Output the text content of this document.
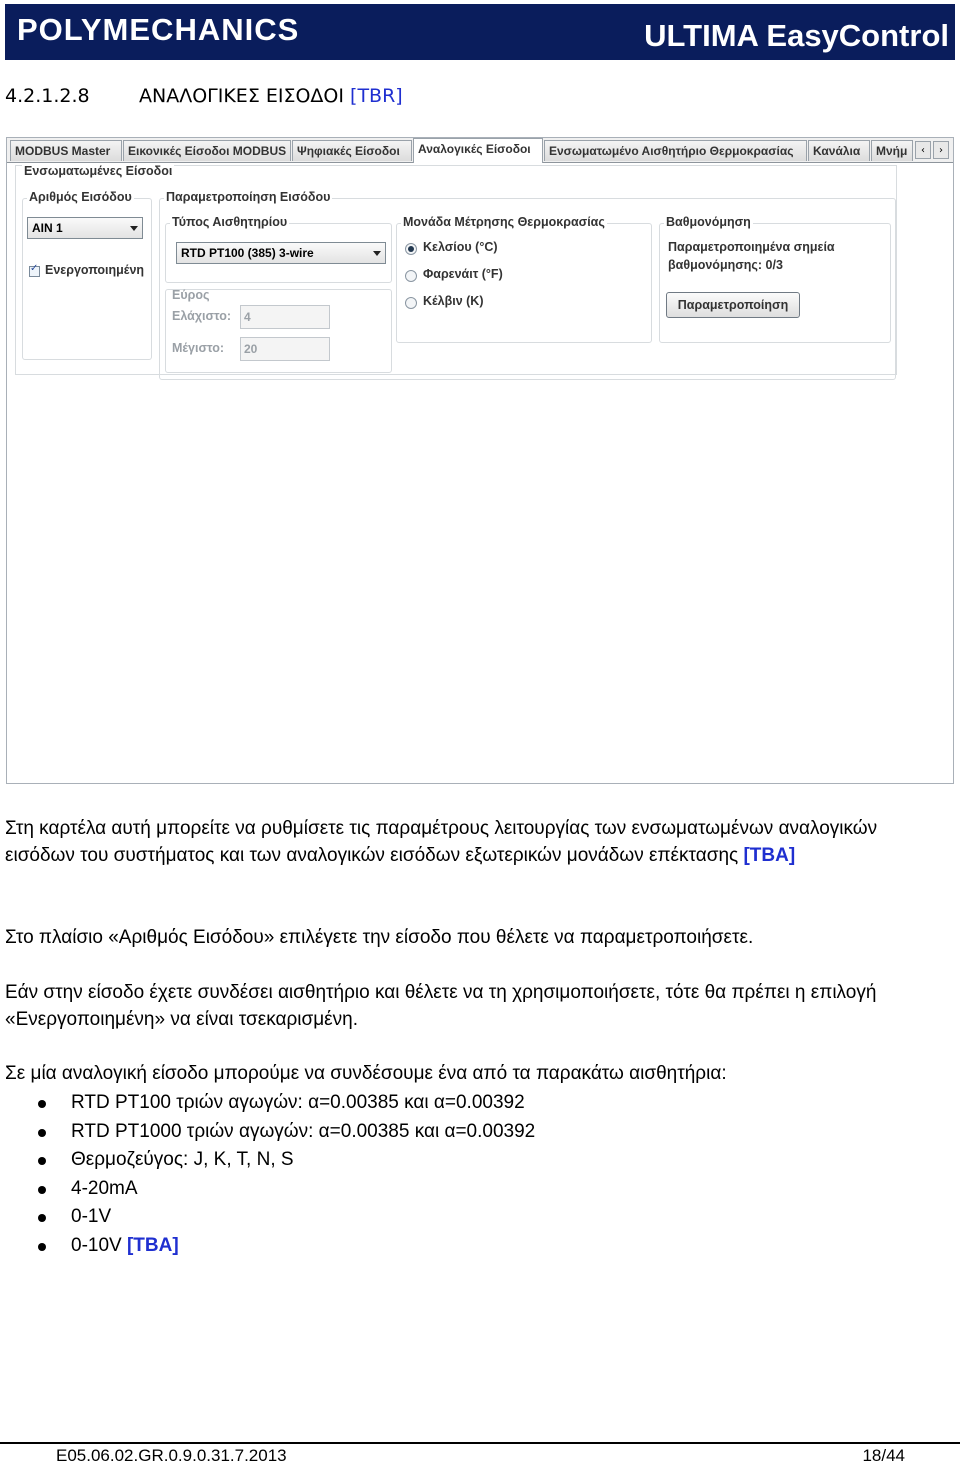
POLYMECHANICS	ULTIMA EasyControl
4.2.1.2.8	ΑΝΑΛΟΓΙΚΕΣ ΕΙΣΟΔΟΙ [TBR]
MODBUS Master	Εικονικές Είσοδοι MODBUS Ψηφιακές Είσοδοι	Αναλογικές Είσοδοι	Ενσωματωμένο Αισθητήριο Θερμοκρασίας	Κανάλια	Μνήμ	‹	›
Ενσωματωμένες Είσοδοι
Αριθμός Εισόδου
AIN 1
✓
Ενεργοποιημένη
Παραμετροποίηση Εισόδου
Τύπος Αισθητηρίου
RTD PT100 (385) 3-wire
Εύρος
Ελάχιστο:	4
Μέγιστο:	20
Μονάδα Μέτρησης Θερμοκρασίας
Κελσίου (°C)
Φαρενάιτ (°F)
Κέλβιν (K)
Βαθμονόμηση
Παραμετροποιημένα σημεία
βαθμονόμησης: 0/3
Παραμετροποίηση
Στη καρτέλα αυτή μπορείτε να ρυθμίσετε τις παραμέτρους λειτουργίας των ενσωματωμένων αναλογικών εισόδων του συστήματος και των αναλογικών εισόδων εξωτερικών μονάδων επέκτασης [TBA]
Στο πλαίσιο «Αριθμός Εισόδου» επιλέγετε την είσοδο που θέλετε να παραμετροποιήσετε.
Εάν στην είσοδο έχετε συνδέσει αισθητήριο και θέλετε να τη χρησιμοποιήσετε, τότε θα πρέπει η επιλογή «Ενεργοποιημένη» να είναι τσεκαρισμένη.
Σε μία αναλογική είσοδο μπορούμε να συνδέσουμε ένα από τα παρακάτω αισθητήρια:
RTD PT100 τριών αγωγών: α=0.00385 και α=0.00392
RTD PT1000 τριών αγωγών: α=0.00385 και α=0.00392
Θερμοζεύγος: J, K, T, N, S
4-20mA
0-1V
0-10V [TBA]
E05.06.02.GR.0.9.0.31.7.2013	18/44
